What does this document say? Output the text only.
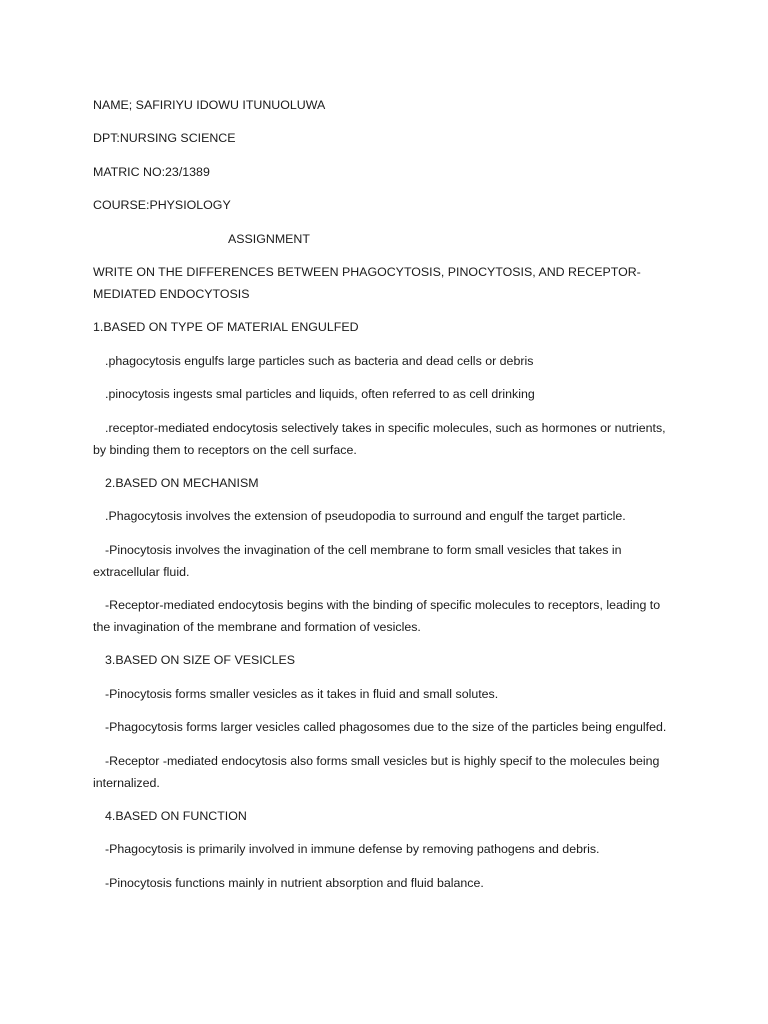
NAME; SAFIRIYU IDOWU ITUNUOLUWA

DPT:NURSING SCIENCE

MATRIC NO:23/1389

COURSE:PHYSIOLOGY

ASSIGNMENT

WRITE ON THE DIFFERENCES BETWEEN PHAGOCYTOSIS, PINOCYTOSIS, AND RECEPTOR-MEDIATED ENDOCYTOSIS

1.BASED ON TYPE OF MATERIAL ENGULFED

.phagocytosis engulfs large particles such as bacteria and dead cells or debris

.pinocytosis ingests smal particles and liquids, often referred to as cell drinking

.receptor-mediated endocytosis selectively takes in specific molecules, such as hormones or nutrients, by binding them to receptors on the cell surface.

2.BASED ON MECHANISM

.Phagocytosis involves the extension of pseudopodia to surround and engulf the target particle.

-Pinocytosis involves the invagination of the cell membrane to form small vesicles that takes in extracellular fluid.

-Receptor-mediated endocytosis begins with the binding of specific molecules to receptors, leading to the invagination of the membrane and formation of vesicles.

3.BASED ON SIZE OF VESICLES

-Pinocytosis forms smaller vesicles as it takes in fluid and small solutes.

-Phagocytosis forms larger vesicles called phagosomes due to the size of the particles being engulfed.

-Receptor -mediated endocytosis also forms small vesicles but is highly specif to the molecules being internalized.

4.BASED ON FUNCTION

-Phagocytosis is primarily involved in immune defense by removing pathogens and debris.

-Pinocytosis functions mainly in nutrient absorption and fluid balance.
